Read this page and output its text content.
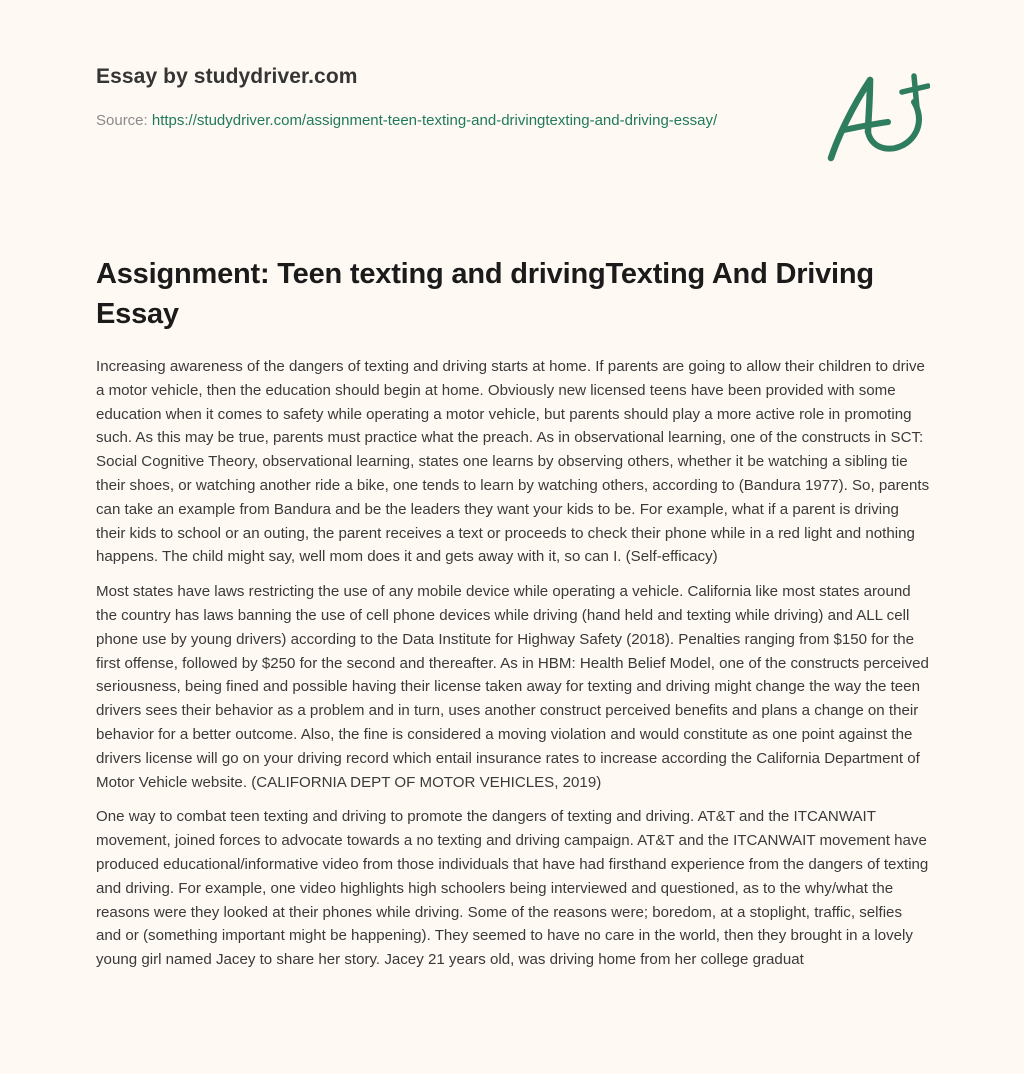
Essay by studydriver.com
Source: https://studydriver.com/assignment-teen-texting-and-drivingtexting-and-driving-essay/
Assignment: Teen texting and drivingTexting And Driving Essay

Increasing awareness of the dangers of texting and driving starts at home. If parents are going to allow their children to drive a motor vehicle, then the education should begin at home. Obviously new licensed teens have been provided with some education when it comes to safety while operating a motor vehicle, but parents should play a more active role in promoting such. As this may be true, parents must practice what the preach. As in observational learning, one of the constructs in SCT: Social Cognitive Theory, observational learning, states one learns by observing others, whether it be watching a sibling tie their shoes, or watching another ride a bike, one tends to learn by watching others, according to (Bandura 1977). So, parents can take an example from Bandura and be the leaders they want your kids to be. For example, what if a parent is driving their kids to school or an outing, the parent receives a text or proceeds to check their phone while in a red light and nothing happens. The child might say, well mom does it and gets away with it, so can I. (Self-efficacy)

Most states have laws restricting the use of any mobile device while operating a vehicle. California like most states around the country has laws banning the use of cell phone devices while driving (hand held and texting while driving) and ALL cell phone use by young drivers) according to the Data Institute for Highway Safety (2018). Penalties ranging from $150 for the first offense, followed by $250 for the second and thereafter. As in HBM: Health Belief Model, one of the constructs perceived seriousness, being fined and possible having their license taken away for texting and driving might change the way the teen drivers sees their behavior as a problem and in turn, uses another construct perceived benefits and plans a change on their behavior for a better outcome. Also, the fine is considered a moving violation and would constitute as one point against the drivers license will go on your driving record which entail insurance rates to increase according the California Department of Motor Vehicle website. (CALIFORNIA DEPT OF MOTOR VEHICLES, 2019)

One way to combat teen texting and driving to promote the dangers of texting and driving. AT&T and the ITCANWAIT movement, joined forces to advocate towards a no texting and driving campaign. AT&T and the ITCANWAIT movement have produced educational/informative video from those individuals that have had firsthand experience from the dangers of texting and driving. For example, one video highlights high schoolers being interviewed and questioned, as to the why/what the reasons were they looked at their phones while driving. Some of the reasons were; boredom, at a stoplight, traffic, selfies and or (something important might be happening). They seemed to have no care in the world, then they brought in a lovely young girl named Jacey to share her story. Jacey 21 years old, was driving home from her college graduat
